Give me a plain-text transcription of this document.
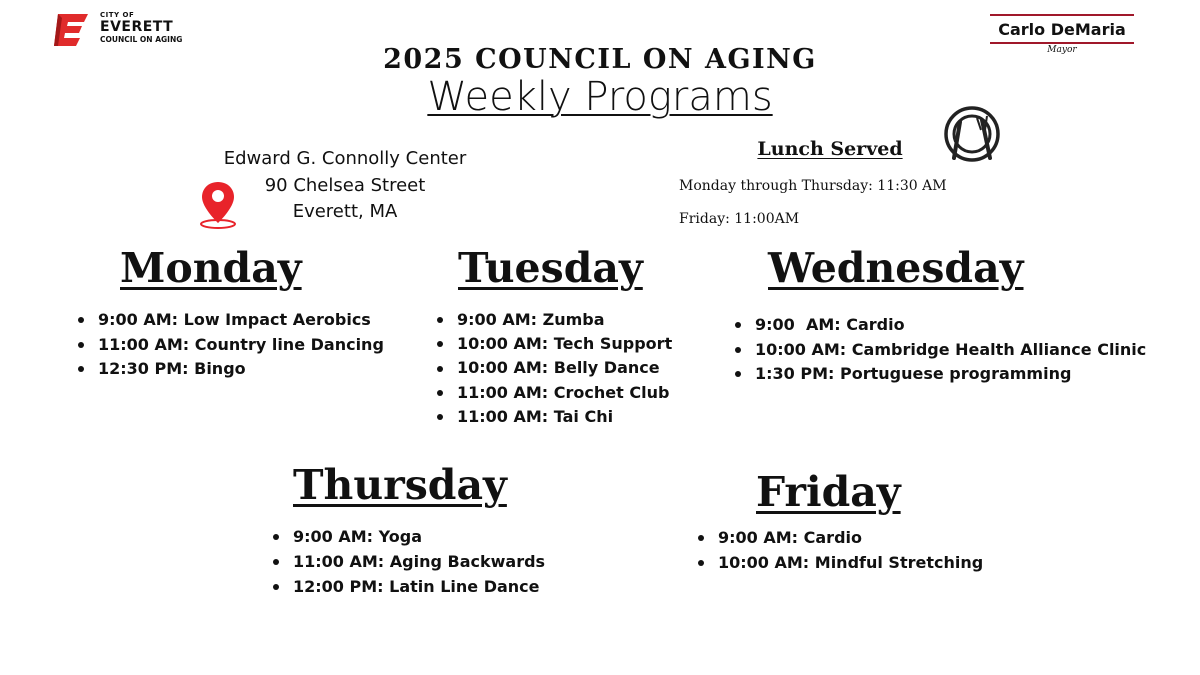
CITY OF
EVERETT
COUNCIL ON AGING
Carlo DeMaria
Mayor
2025 COUNCIL ON AGING
Weekly Programs
Edward G. Connolly Center
90 Chelsea Street
Everett, MA
Lunch Served
Monday through Thursday: 11:30 AM
Friday: 11:00AM
Monday
9:00 AM: Low Impact Aerobics
11:00 AM: Country line Dancing
12:30 PM: Bingo
Tuesday
9:00 AM: Zumba
10:00 AM: Tech Support
10:00 AM: Belly Dance
11:00 AM: Crochet Club
11:00 AM: Tai Chi
Wednesday
9:00  AM: Cardio
10:00 AM: Cambridge Health Alliance Clinic
1:30 PM: Portuguese programming
Thursday
9:00 AM: Yoga
11:00 AM: Aging Backwards
12:00 PM: Latin Line Dance
Friday
9:00 AM: Cardio
10:00 AM: Mindful Stretching
